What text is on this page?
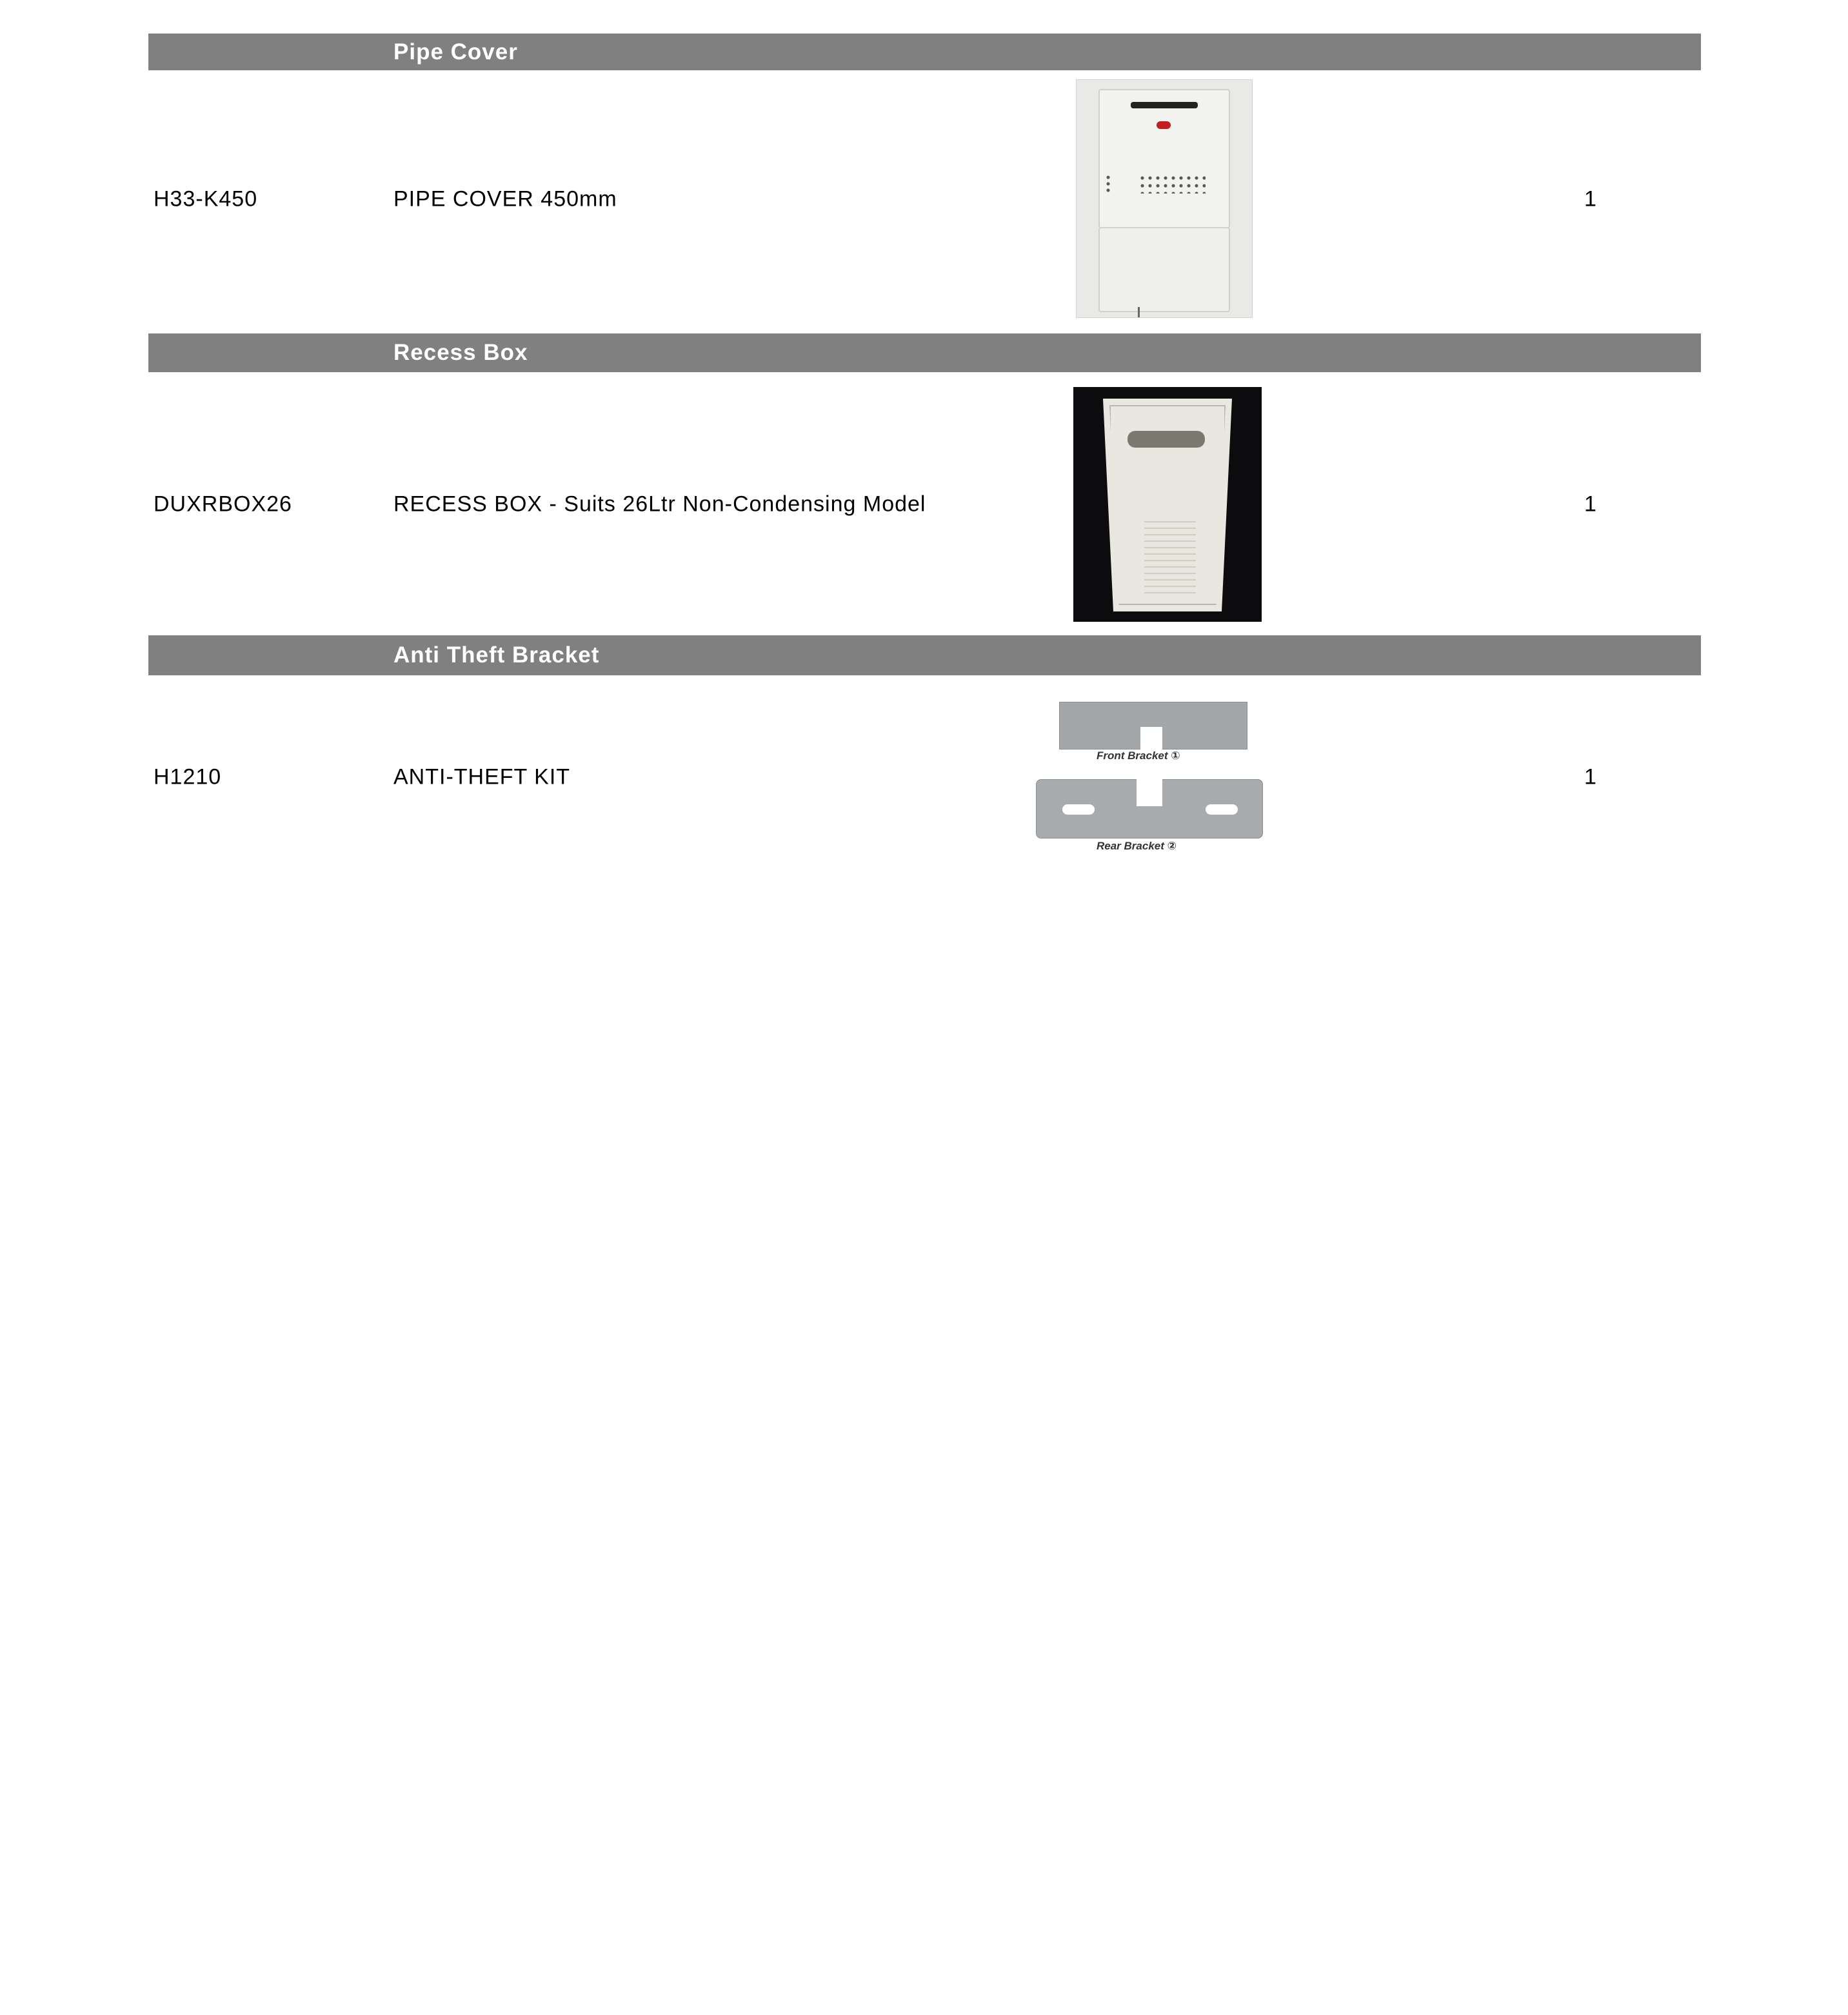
Pipe Cover
H33-K450	PIPE COVER 450mm	1
Recess Box
DUXRBOX26	RECESS BOX - Suits 26Ltr Non-Condensing Model	1
Anti Theft Bracket
H1210	ANTI-THEFT KIT	1
Front Bracket ①
Rear Bracket ②
